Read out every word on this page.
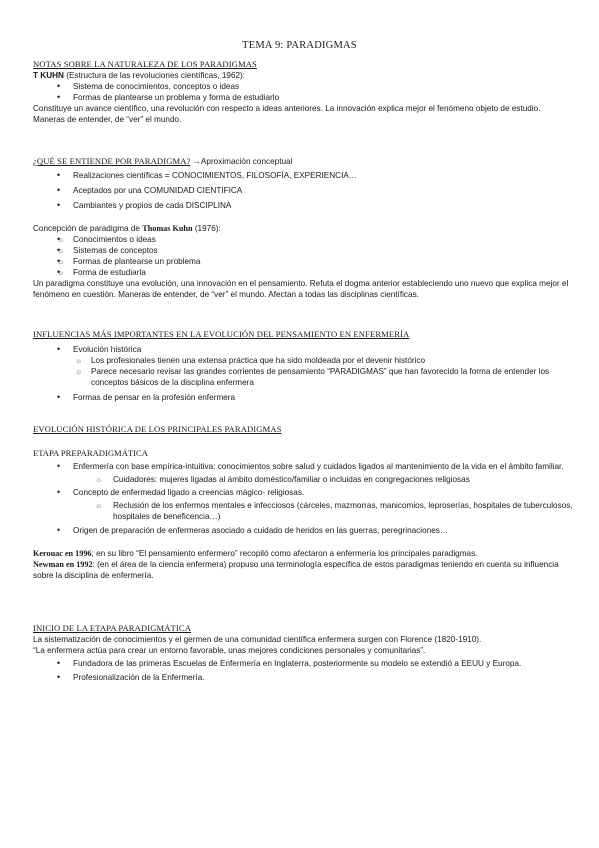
TEMA 9: PARADIGMAS
NOTAS SOBRE LA NATURALEZA DE LOS PARADIGMAS
T KUHN (Estructura de las revoluciones científicas, 1962):
• Sistema de conocimientos, conceptos o ideas
• Formas de plantearse un problema y forma de estudiarlo
Constituye un avance científico, una revolución con respecto a ideas anteriores. La innovación explica mejor el fenómeno objeto de estudio. Maneras de entender, de “ver” el mundo.
¿QUÉ SE ENTIENDE POR PARADIGMA? →Aproximación conceptual
• Realizaciones científicas = CONOCIMIENTOS, FILOSOFÍA, EXPERIENCIA…
• Aceptados por una COMUNIDAD CIENTIFICA
• Cambiantes y propios de cada DISCIPLINA
Concepción de paradigma de Thomas Kuhn (1976):
• ☼ Conocimientos o ideas
• ☼ Sistemas de conceptos
• ☼ Formas de plantearse un problema
• ☼ Forma de estudiarla
Un paradigma constituye una evolución, una innovación en el pensamiento. Refuta el dogma anterior estableciendo uno nuevo que explica mejor el fenómeno en cuestión. Maneras de entender, de “ver” el mundo. Afectan a todas las disciplinas científicas.
INFLUENCIAS MÁS IMPORTANTES EN LA EVOLUCIÓN DEL PENSAMIENTO EN ENFERMERÍA
• Evolución histórica
☼ Los profesionales tienen una extensa práctica que ha sido moldeada por el devenir histórico
☼ Parece necesario revisar las grandes corrientes de pensamiento “PARADIGMAS” que han favorecido la forma de entender los conceptos básicos de la disciplina enfermera
• Formas de pensar en la profesión enfermera
EVOLUCIÓN HISTÓRICA DE LOS PRINCIPALES PARADIGMAS
ETAPA PREPARADIGMÁTICA
• Enfermería con base empírica-intuitiva: conocimientos sobre salud y cuidados ligados al mantenimiento de la vida en el ámbito familiar.
☼ Cuidadores: mujeres ligadas al ámbito doméstico/familiar o incluidas en congregaciones religiosas
• Concepto de enfermedad ligado a creencias mágico- religiosas.
☼ Reclusión de los enfermos mentales e infecciosos (cárceles, mazmorras, manicomios, leproserías, hospitales de tuberculosos, hospitales de beneficencia…)
• Origen de preparación de enfermeras asociado a cuidado de heridos en las guerras, peregrinaciones…
Kerouac en 1996; en su libro “El pensamiento enfermero” recopiló como afectaron a enfermería los principales paradigmas.
Newman en 1992: (en el área de la ciencia enfermera) propuso una terminología específica de estos paradigmas teniendo en cuenta su influencia sobre la disciplina de enfermería.
INICIO DE LA ETAPA PARADIGMÁTICA
La sistematización de conocimientos y el germen de una comunidad científica enfermera surgen con Florence (1820-1910).
“La enfermera actúa para crear un entorno favorable, unas mejores condiciones personales y comunitarias”.
• Fundadora de las primeras Escuelas de Enfermería en Inglaterra, posteriormente su modelo se extendió a EEUU y Europa.
• Profesionalización de la Enfermería.
